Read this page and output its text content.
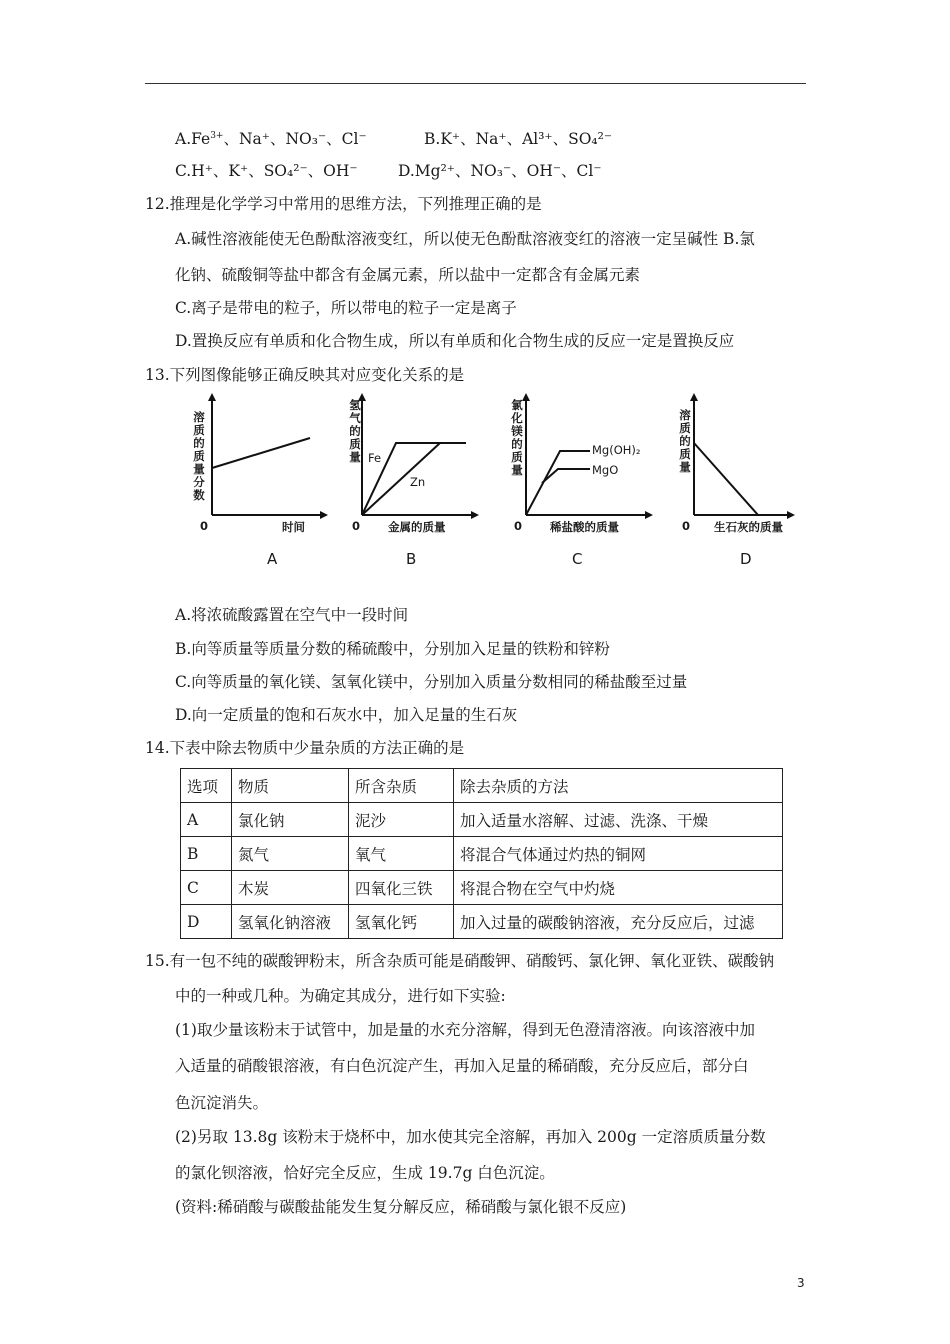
$A.Fe^{3+}$、Na⁺、NO₃⁻、Cl⁻	B.K⁺、Na⁺、Al³⁺、SO₄²⁻
C.H⁺、K⁺、SO₄²⁻、OH⁻	D.Mg²⁺、NO₃⁻、OH⁻、Cl⁻
12.推理是化学学习中常用的思维方法，下列推理正确的是
A.碱性溶液能使无色酚酞溶液变红，所以使无色酚酞溶液变红的溶液一定呈碱性 B.氯
化钠、硫酸铜等盐中都含有金属元素，所以盐中一定都含有金属元素
C.离子是带电的粒子，所以带电的粒子一定是离子
D.置换反应有单质和化合物生成，所以有单质和化合物生成的反应一定是置换反应
13.下列图像能够正确反映其对应变化关系的是
溶质的质量分数
0	时间
A
氢气的质量 Fe
Zn
0 金属的质量
B
氯化镁的质量
Mg(OH)₂
MgO
0 稀盐酸的质量
C
溶质的质量
0 生石灰的质量
D
A.将浓硫酸露置在空气中一段时间
B.向等质量等质量分数的稀硫酸中，分别加入足量的铁粉和锌粉
C.向等质量的氧化镁、氢氧化镁中，分别加入质量分数相同的稀盐酸至过量
D.向一定质量的饱和石灰水中，加入足量的生石灰
14.下表中除去物质中少量杂质的方法正确的是
选项	物质	所含杂质	除去杂质的方法
A	氯化钠	泥沙	加入适量水溶解、过滤、洗涤、干燥
B	氮气	氧气	将混合气体通过灼热的铜网
C	木炭	四氧化三铁	将混合物在空气中灼烧
D	氢氧化钠溶液	氢氧化钙	加入过量的碳酸钠溶液，充分反应后，过滤
15.有一包不纯的碳酸钾粉末，所含杂质可能是硝酸钾、硝酸钙、氯化钾、氧化亚铁、碳酸钠
中的一种或几种。为确定其成分，进行如下实验:
(1)取少量该粉末于试管中，加是量的水充分溶解，得到无色澄清溶液。向该溶液中加
入适量的硝酸银溶液，有白色沉淀产生，再加入足量的稀硝酸，充分反应后，部分白
色沉淀消失。
(2)另取 13.8g 该粉末于烧杯中，加水使其完全溶解，再加入 200g 一定溶质质量分数
的氯化钡溶液，恰好完全反应，生成 19.7g 白色沉淀。
(资料:稀硝酸与碳酸盐能发生复分解反应，稀硝酸与氯化银不反应)
3
